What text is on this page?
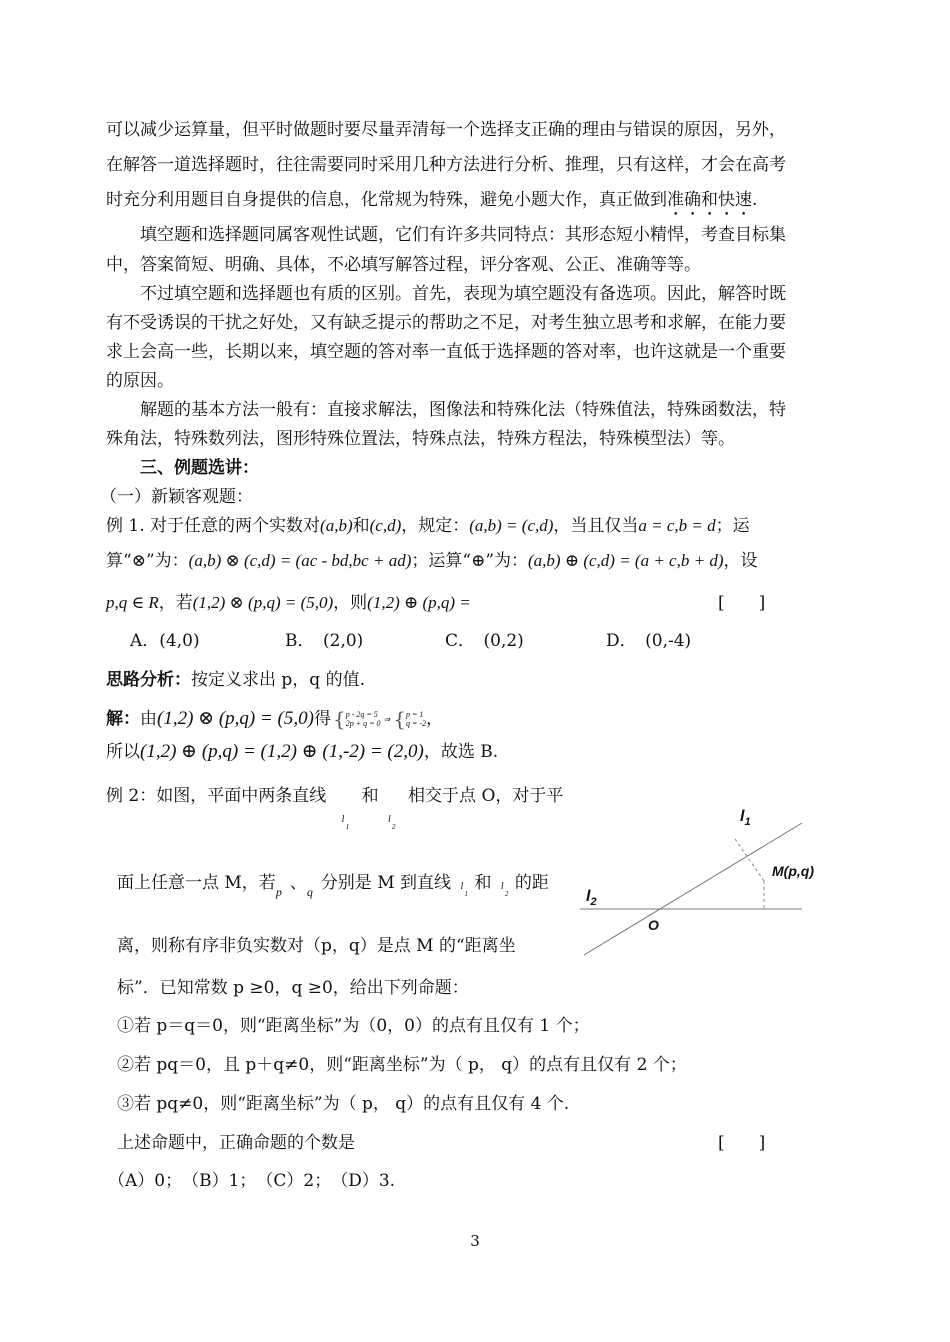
可以减少运算量，但平时做题时要尽量弄清每一个选择支正确的理由与错误的原因，另外，
在解答一道选择题时，往往需要同时采用几种方法进行分析、推理，只有这样，才会在高考
时充分利用题目自身提供的信息，化常规为特殊，避免小题大作，真正做到准确和快速.
填空题和选择题同属客观性试题，它们有许多共同特点：其形态短小精悍，考查目标集
中，答案简短、明确、具体，不必填写解答过程，评分客观、公正、准确等等。
不过填空题和选择题也有质的区别。首先，表现为填空题没有备选项。因此，解答时既
有不受诱误的干扰之好处，又有缺乏提示的帮助之不足，对考生独立思考和求解，在能力要
求上会高一些，长期以来，填空题的答对率一直低于选择题的答对率，也许这就是一个重要
的原因。
解题的基本方法一般有：直接求解法，图像法和特殊化法（特殊值法，特殊函数法，特
殊角法，特殊数列法，图形特殊位置法，特殊点法，特殊方程法，特殊模型法）等。
三、例题选讲：
（一）新颖客观题：
例 1. 对于任意的两个实数对(a,b)和(c,d)，规定：(a,b) = (c,d)，当且仅当a = c,b = d；运
算“⊗”为：(a,b) ⊗ (c,d) = (ac - bd,bc + ad)；运算“⊕”为：(a,b) ⊕ (c,d) = (a + c,b + d)，设
p,q ∈ R，若(1,2) ⊗ (p,q) = (5,0)，则(1,2) ⊕ (p,q) =	[　　]
A．(4,0)	B．　(2,0)	C．　(0,2)	D．　(0,-4)
思路分析：按定义求出 p，q 的值.
解： 由 (1,2) ⊗ (p,q) = (5,0) 得 { p - 2q = 5
2p + q = 0 ⇒ { p = 1
q = -2 ，
所以(1,2) ⊕ (p,q) = (1,2) ⊕ (1,-2) = (2,0)，故选 B.
例 2：如图，平面中两条直线
l
1
和
l
2
相交于点 O，对于平
面上任意一点 M，若p 、q 分别是 M 到直线 l
1
和 l
2
的距
离，则称有序非负实数对（p，q）是点 M 的“距离坐
标”．已知常数 p ≥0，q ≥0，给出下列命题：
①若 p＝q＝0，则“距离坐标”为（0，0）的点有且仅有 1 个；
②若 pq＝0，且 p＋q≠0，则“距离坐标”为（ p， q）的点有且仅有 2 个；
③若 pq≠0，则“距离坐标”为（ p， q）的点有且仅有 4 个.
上述命题中，正确命题的个数是	[　　]
（A）0；　（B）1；　（C）2；　（D）3.
$l_1$
$l_2$
M(p,q)
O
3
